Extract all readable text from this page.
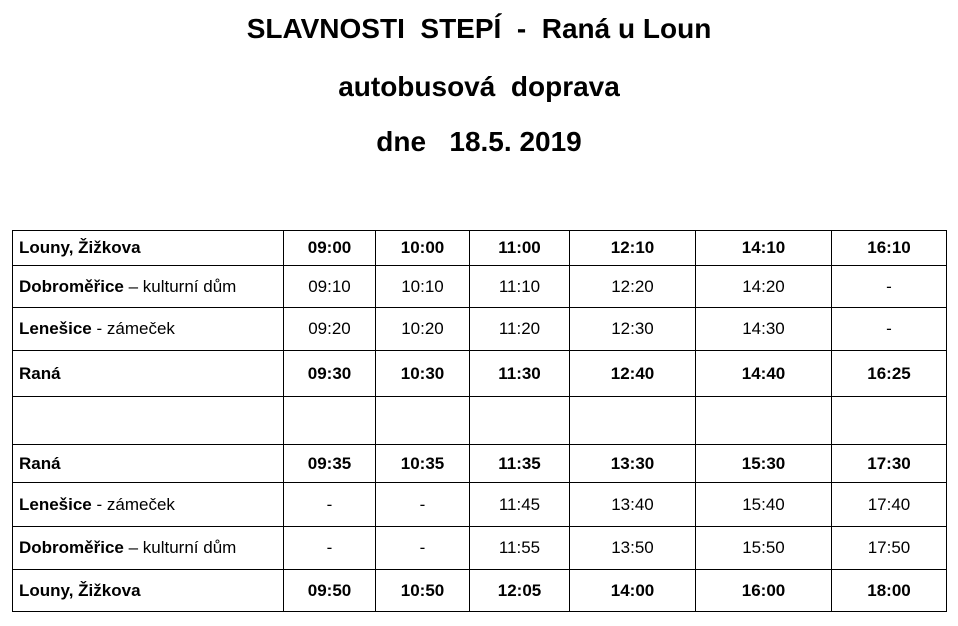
SLAVNOSTI  STEPÍ  -  Raná u Loun
autobusová  doprava
dne   18.5. 2019
Louny, Žižkova	09:00	10:00	11:00	12:10	14:10	16:10
Dobroměřice – kulturní dům	09:10	10:10	11:10	12:20	14:20	-
Lenešice - zámeček	09:20	10:20	11:20	12:30	14:30	-
Raná	09:30	10:30	11:30	12:40	14:40	16:25

Raná	09:35	10:35	11:35	13:30	15:30	17:30
Lenešice - zámeček	-	-	11:45	13:40	15:40	17:40
Dobroměřice – kulturní dům	-	-	11:55	13:50	15:50	17:50
Louny, Žižkova	09:50	10:50	12:05	14:00	16:00	18:00
